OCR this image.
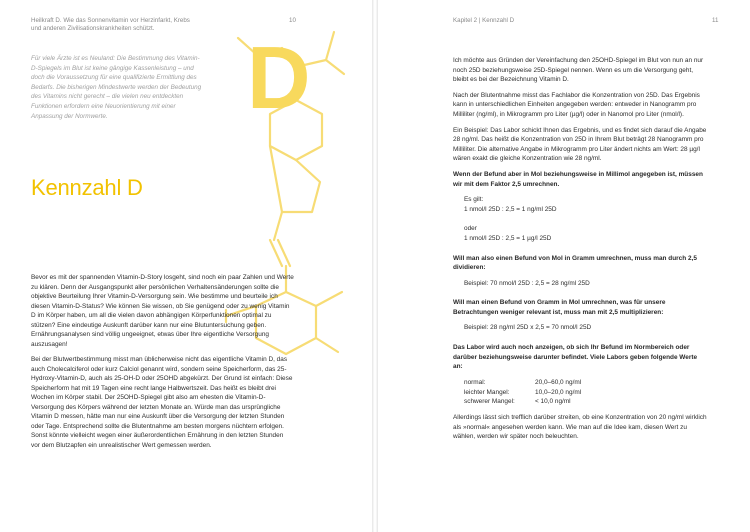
Heilkraft D. Wie das Sonnenvitamin vor Herzinfarkt, Krebs und anderen Zivilisationskrankheiten schützt.
10
D

Für viele Ärzte ist es Neuland: Die Bestimmung des Vitamin-D-Spiegels im Blut ist keine gängige Kassenleistung – und doch die Voraussetzung für eine qualifizierte Ermittlung des Bedarfs. Die bisherigen Mindestwerte werden der Bedeutung des Vitamins nicht gerecht – die vielen neu entdeckten Funktionen erfordern eine Neuorientierung mit einer Anpassung der Normwerte.

Kennzahl D

Bevor es mit der spannenden Vitamin-D-Story losgeht, sind noch ein paar Zahlen und Werte zu klären. Denn der Ausgangspunkt aller persönlichen Verhaltensänderungen sollte die objektive Beurteilung Ihrer Vitamin-D-Versorgung sein. Wie bestimme und beurteile ich diesen Vitamin-D-Status? Wie können Sie wissen, ob Sie genügend oder zu wenig Vitamin D im Körper haben, um all die vielen davon abhängigen Körperfunktionen optimal zu stützen? Eine eindeutige Auskunft darüber kann nur eine Blutuntersuchung geben. Ernährungsanalysen sind völlig ungeeignet, etwas über Ihre eigentliche Versorgung auszusagen!

Bei der Blutwertbestimmung misst man üblicherweise nicht das eigentliche Vitamin D, das auch Cholecalciferol oder kurz Calciol genannt wird, sondern seine Speicherform, das 25-Hydroxy-Vitamin-D, auch als 25-OH-D oder 25OHD abgekürzt. Der Grund ist einfach: Diese Speicherform hat mit 19 Tagen eine recht lange Halbwertszeit. Das heißt es bleibt drei Wochen im Körper stabil. Der 25OHD-Spiegel gibt also am ehesten die Vitamin-D-Versorgung des Körpers während der letzten Monate an. Würde man das ursprüngliche Vitamin D messen, hätte man nur eine Auskunft über die Versorgung der letzten Stunden oder Tage. Entsprechend sollte die Blutentnahme am besten morgens nüchtern erfolgen. Sonst könnte vielleicht wegen einer äußerordentlichen Ernährung in den letzten Stunden vor dem Blutzapfen ein unrealistischer Wert gemessen werden.

Kapitel 2 | Kennzahl D	11

Ich möchte aus Gründen der Vereinfachung den 25OHD-Spiegel im Blut von nun an nur noch 25D beziehungsweise 25D-Spiegel nennen. Wenn es um die Versorgung geht, bleibt es bei der Bezeichnung Vitamin D.

Nach der Blutentnahme misst das Fachlabor die Konzentration von 25D. Das Ergebnis kann in unterschiedlichen Einheiten angegeben werden: entweder in Nanogramm pro Milliliter (ng/ml), in Mikrogramm pro Liter (µg/l) oder in Nanomol pro Liter (nmol/l).

Ein Beispiel: Das Labor schickt Ihnen das Ergebnis, und es findet sich darauf die Angabe 28 ng/ml. Das heißt die Konzentration von 25D in Ihrem Blut beträgt 28 Nanogramm pro Milliliter. Die alternative Angabe in Mikrogramm pro Liter ändert nichts am Wert: 28 µg/l wären exakt die gleiche Konzentration wie 28 ng/ml.

Wenn der Befund aber in Mol beziehungsweise in Millimol angegeben ist, müssen wir mit dem Faktor 2,5 umrechnen.

Es gilt:

1 nmol/l 25D : 2,5 = 1 ng/ml 25D

oder

1 nmol/l 25D : 2,5 = 1 µg/l 25D

Will man also einen Befund von Mol in Gramm umrechnen, muss man durch 2,5 dividieren:

Beispiel: 70 nmol/l 25D : 2,5 = 28 ng/ml 25D

Will man einen Befund von Gramm in Mol umrechnen, was für unsere Betrachtungen weniger relevant ist, muss man mit 2,5 multiplizieren:

Beispiel: 28 ng/ml 25D x 2,5 = 70 nmol/l 25D

Das Labor wird auch noch anzeigen, ob sich Ihr Befund im Normbereich oder darüber beziehungsweise darunter befindet. Viele Labors geben folgende Werte an:

normal:	20,0–60,0 ng/ml
leichter Mangel:	10,0–20,0 ng/ml
schwerer Mangel:	< 10,0 ng/ml

Allerdings lässt sich trefflich darüber streiten, ob eine Konzentration von 20 ng/ml wirklich als »normal« angesehen werden kann. Wie man auf die Idee kam, diesen Wert zu wählen, werden wir später noch beleuchten.
